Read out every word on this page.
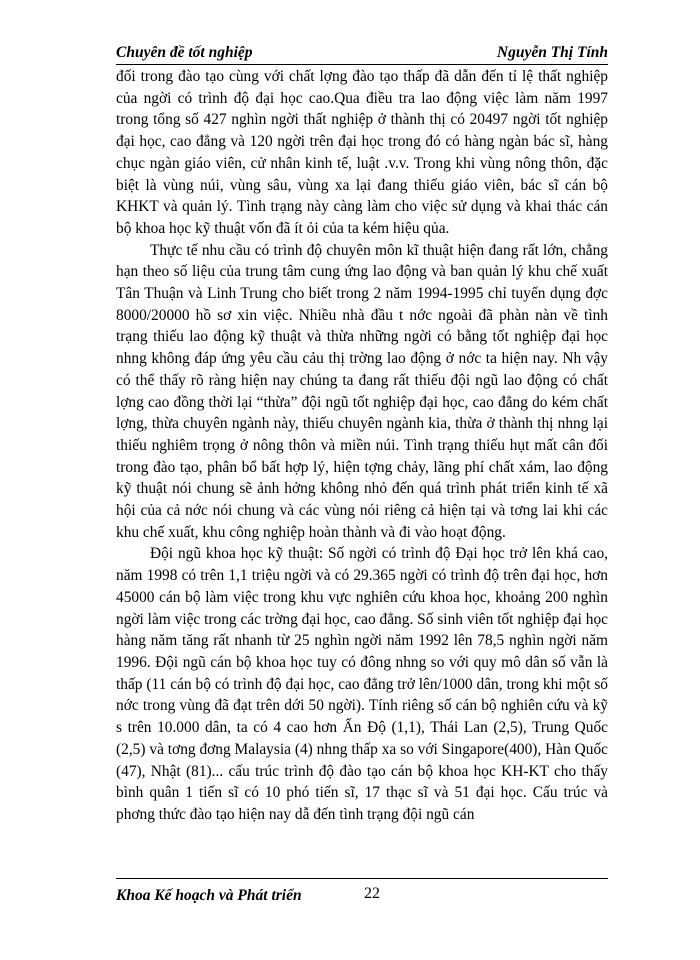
Chuyên đề tốt nghiệp	Nguyễn Thị Tính

đối trong đào tạo cùng với chất lợng đào tạo thấp đã dẫn đến tỉ lệ thất nghiệp của ngời có trình độ đại học cao.Qua điều tra lao động việc làm năm 1997 trong tổng số 427 nghìn ngời thất nghiệp ở thành thị có 20497 ngời tốt nghiệp đại học, cao đẳng và 120 ngời trên đại học trong đó có hàng ngàn bác sĩ, hàng chục ngàn giáo viên, cử nhân kinh tế, luật .v.v. Trong khi vùng nông thôn, đặc biệt là vùng núi, vùng sâu, vùng xa lại đang thiếu giáo viên, bác sĩ cán bộ KHKT và quản lý. Tình trạng này càng làm cho việc sử dụng và khai thác cán bộ khoa học kỹ thuật vốn đã ít ỏi của ta kém hiệu qủa.

Thực tế nhu cầu có trình độ chuyên môn kĩ thuật hiện đang rất lớn, chẳng hạn theo số liệu của trung tâm cung ứng lao động và ban quản lý khu chế xuất Tân Thuận và Linh Trung cho biết trong 2 năm 1994-1995 chỉ tuyển dụng đợc 8000/20000 hồ sơ xin việc. Nhiều nhà đầu t nớc ngoài đã phàn nàn về tình trạng thiếu lao động kỹ thuật và thừa những ngời có bằng tốt nghiệp đại học nhng không đáp ứng yêu cầu cảu thị trờng lao động ở nớc ta hiện nay. Nh vậy có thể thấy rõ ràng hiện nay chúng ta đang rất thiếu đội ngũ lao động có chất lợng cao đồng thời lại “thừa” đội ngũ tốt nghiệp đại học, cao đẳng do kém chất lợng, thừa chuyên ngành này, thiếu chuyên ngành kia, thừa ở thành thị nhng lại thiếu nghiêm trọng ở nông thôn và miền núi. Tình trạng thiếu hụt mất cân đối trong đào tạo, phân bổ bất hợp lý, hiện tợng chảy, lãng phí chất xám, lao động kỹ thuật nói chung sẽ ảnh hởng không nhỏ đến quá trình phát triển kinh tế xã hội của cả nớc nói chung và các vùng nói riêng cả hiện tại và tơng lai khi các khu chế xuất, khu công nghiệp hoàn thành và đi vào hoạt động.

Đội ngũ khoa học kỹ thuật: Số ngời có trình độ Đại học trở lên khá cao, năm 1998 có trên 1,1 triệu ngời và có 29.365 ngời có trình độ trên đại học, hơn 45000 cán bộ làm việc trong khu vực nghiên cứu khoa học, khoảng 200 nghìn ngời làm việc trong các trờng đại học, cao đẳng. Số sinh viên tốt nghiệp đại học hàng năm tăng rất nhanh từ 25 nghìn ngời năm 1992 lên 78,5 nghìn ngời năm 1996. Đội ngũ cán bộ khoa học tuy có đông nhng so với quy mô dân số vẫn là thấp (11 cán bộ có trình độ đại học, cao đẳng trở lên/1000 dân, trong khi một số nớc trong vùng đã đạt trên dới 50 ngời). Tính riêng số cán bộ nghiên cứu và kỹ s trên 10.000 dân, ta có 4 cao hơn Ấn Độ (1,1), Thái Lan (2,5), Trung Quốc (2,5) và tơng đơng Malaysia (4) nhng thấp xa so với Singapore(400), Hàn Quốc (47), Nhật (81)... cấu trúc trình độ đào tạo cán bộ khoa học KH-KT cho thấy bình quân 1 tiến sĩ có 10 phó tiến sĩ, 17 thạc sĩ và 51 đại học. Cấu trúc và phơng thức đào tạo hiện nay dẫ đến tình trạng đội ngũ cán

Khoa Kế hoạch và Phát triển	22
